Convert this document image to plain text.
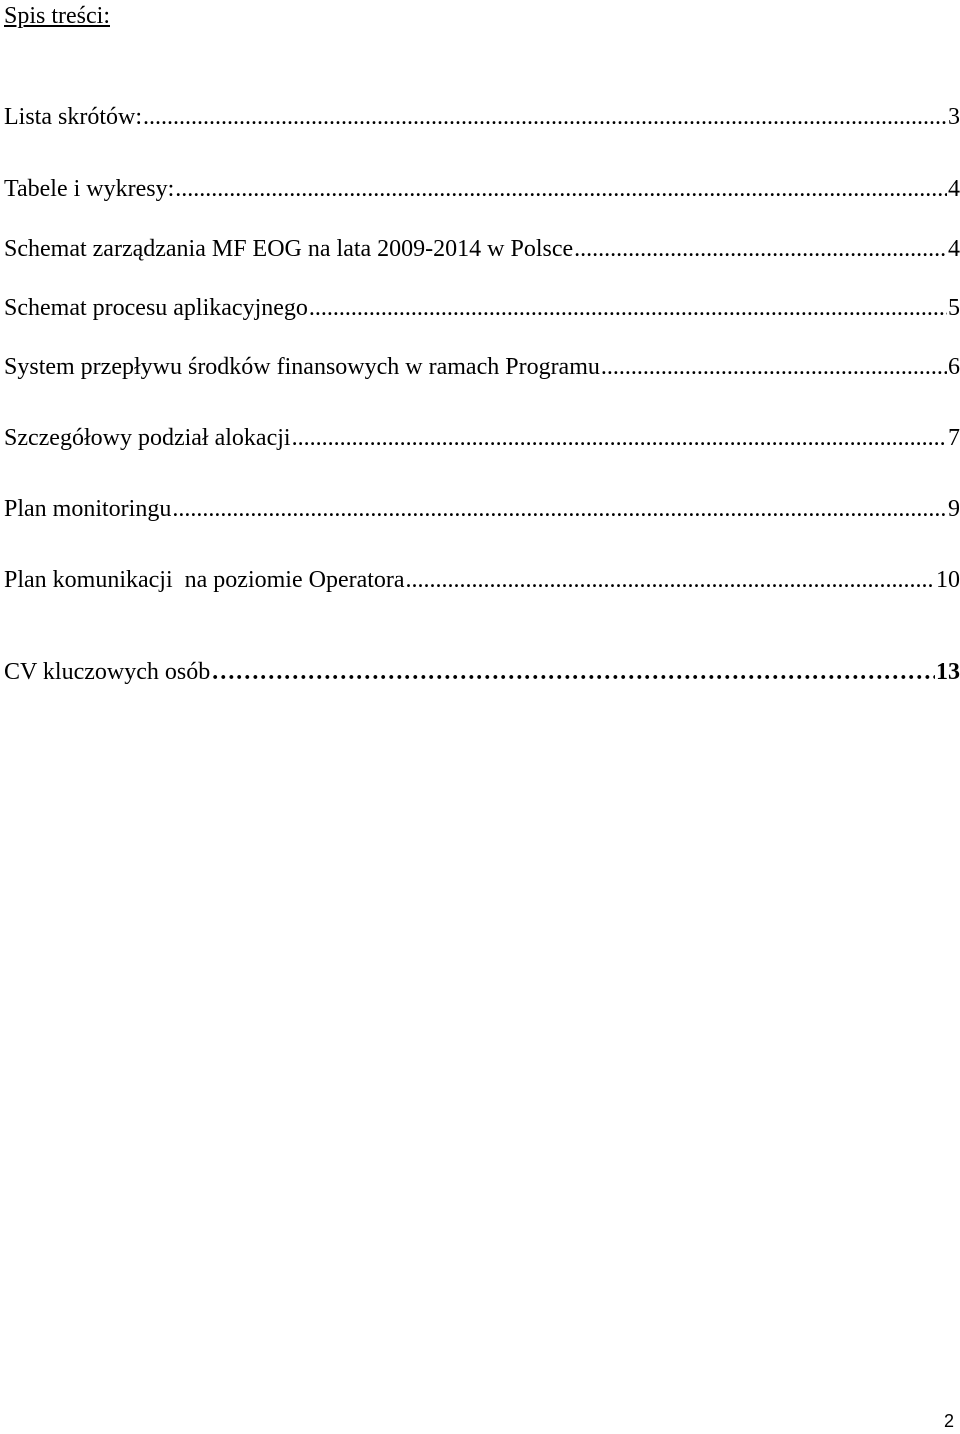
Spis treści:
Lista skrótów: .....	3
Tabele i wykresy: .....	4
Schemat zarządzania MF EOG na lata 2009-2014 w Polsce .....	4
Schemat procesu aplikacyjnego .....	5
System przepływu środków finansowych w ramach Programu .....	6
Szczegółowy podział alokacji .....	7
Plan monitoringu .....	9
Plan komunikacji  na poziomie Operatora .....	10
CV kluczowych osób …………………………………………………………………………………………………………………………………………………………………………………………………………………………………………………	13
2
